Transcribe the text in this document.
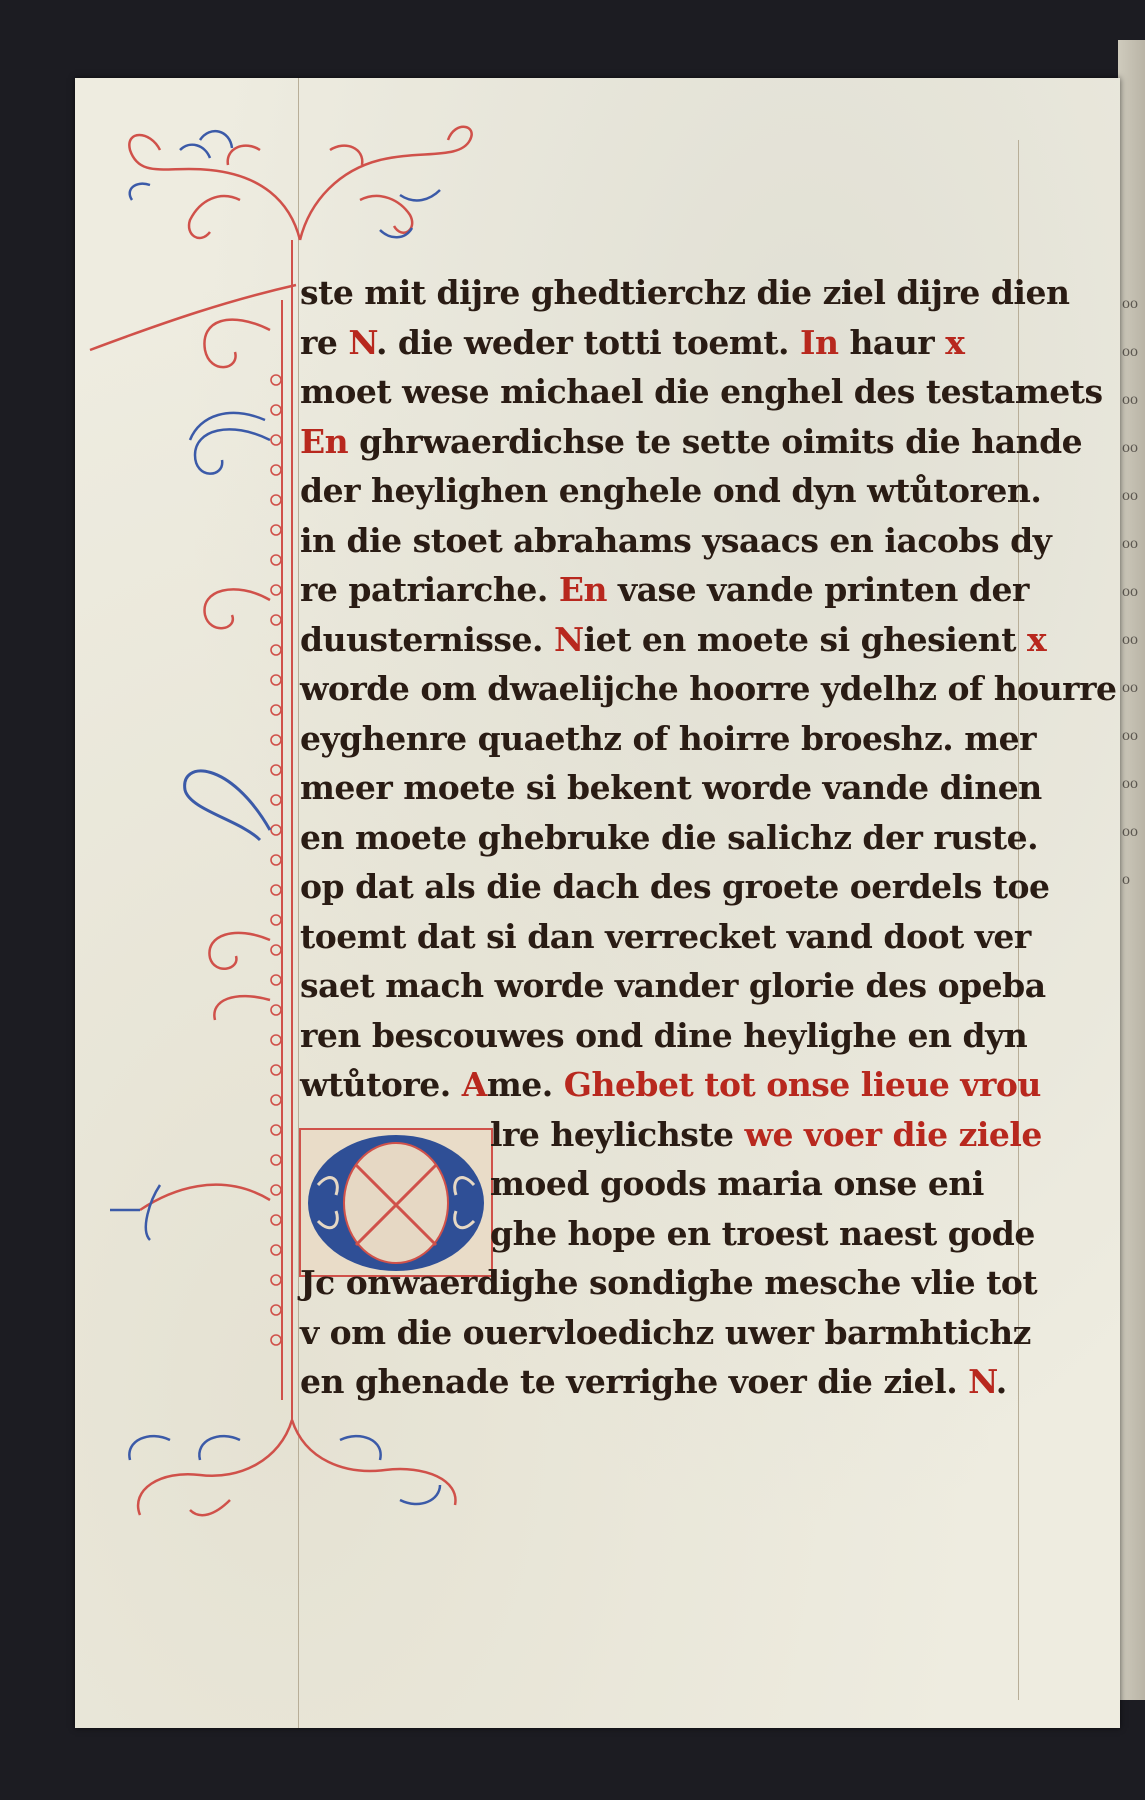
ooooooooooooooooooooooooo
ste mit dijre ghedtierchz die ziel dijre dien
re N. die weder totti toemt. In haur x
moet wese michael die enghel des testamets
En ghrwaerdichse te sette oimits die hande
der heylighen enghele ond dyn wtůtoren.
in die stoet abrahams ysaacs en iacobs dy
re patriarche. En vase vande printen der
duusternisse. Niet en moete si ghesient x
worde om dwaelijche hoorre ydelhz of hourre
eyghenre quaethz of hoirre broeshz. mer
meer moete si bekent worde vande dinen
en moete ghebruke die salichz der ruste.
op dat als die dach des groete oerdels toe
toemt dat si dan verrecket vand doot ver
saet mach worde vander glorie des opeba
ren bescouwes ond dine heylighe en dyn
wtůtore. Ame. Ghebet tot onse lieue vrou
lre heylichste we voer die ziele
moed goods maria onse eni
ghe hope en troest naest gode
Jc onwaerdighe sondighe mesche vlie tot
v om die ouervloedichz uwer barmhtichz
en ghenade te verrighe voer die ziel. N.
